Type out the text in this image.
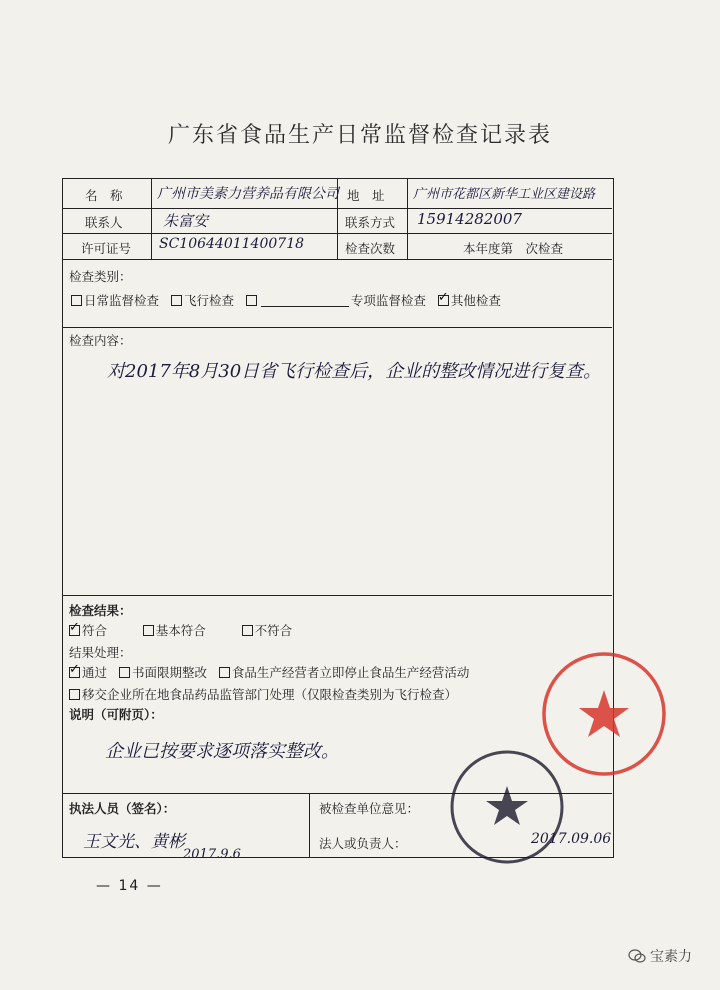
广东省食品生产日常监督检查记录表
名　称 广州市美素力营养品有限公司 地　址 广州市花都区新华工业区建设路
联系人	朱富安	联系方式 15914282007
许可证号 SC10644011400718	检查次数	本年度第　次检查
检查类别：
日常监督检查 飞行检查	专项监督检查   ✓ 其他检查
检查内容：
对2017年8月30日省飞行检查后，企业的整改情况进行复查。
检查结果：
✓符合	基本符合	不符合
结果处理：
✓通过 书面限期整改 食品生产经营者立即停止食品生产经营活动
移交企业所在地食品药品监管部门处理（仅限检查类别为飞行检查）
说明（可附页）：
企业已按要求逐项落实整改。
执法人员（签名）：
王文光、黄彬
2017.9.6
被检查单位意见：
法人或负责人：	2017.09.06
— 14 —
宝素力
